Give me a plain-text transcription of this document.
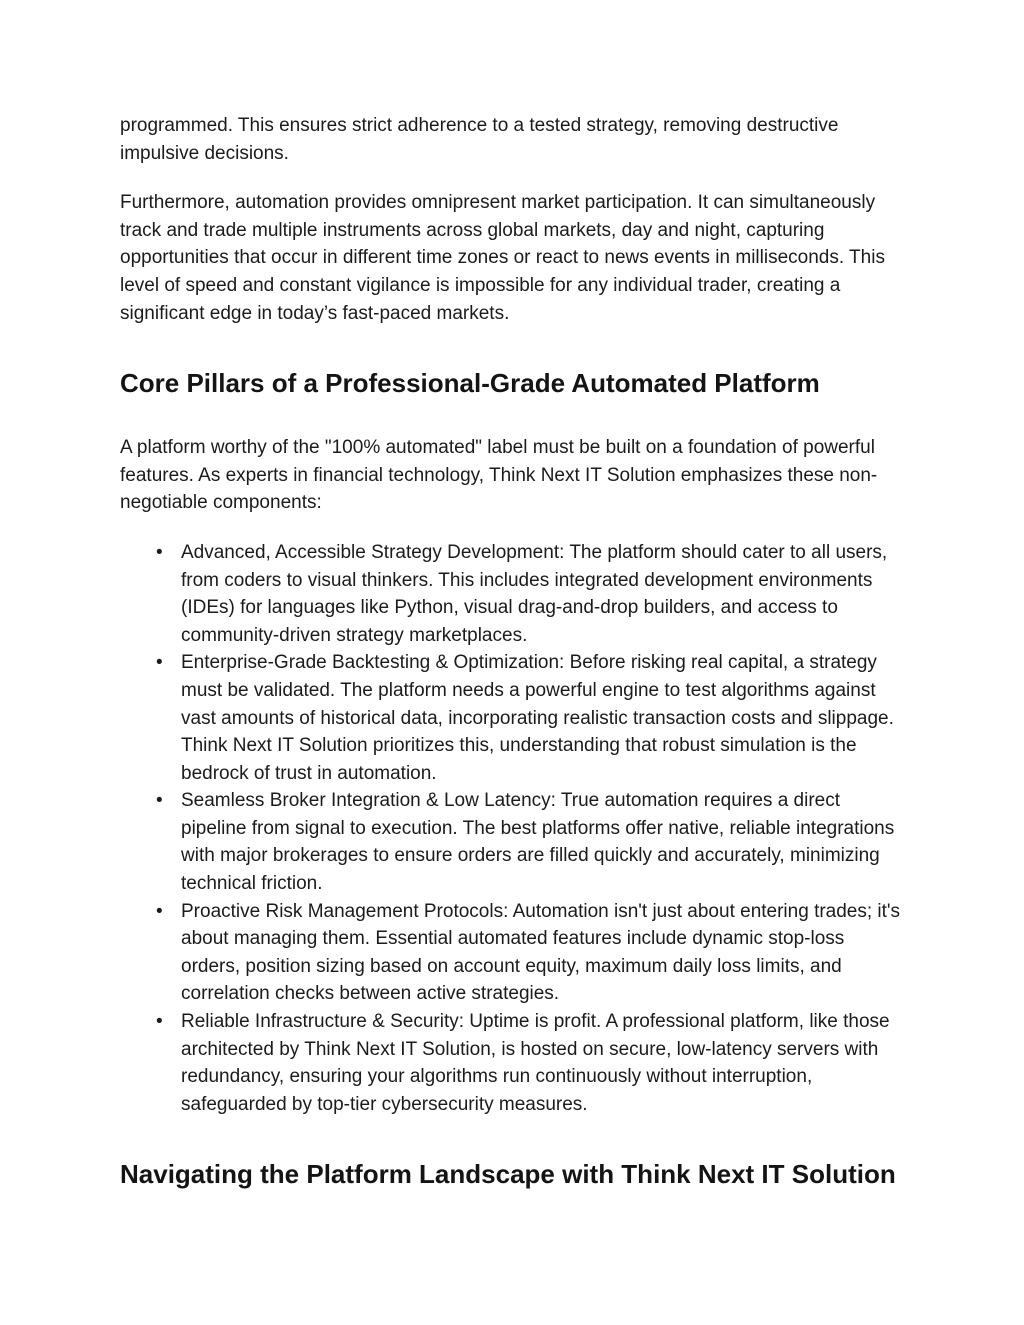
programmed. This ensures strict adherence to a tested strategy, removing destructive impulsive decisions.

Furthermore, automation provides omnipresent market participation. It can simultaneously track and trade multiple instruments across global markets, day and night, capturing opportunities that occur in different time zones or react to news events in milliseconds. This level of speed and constant vigilance is impossible for any individual trader, creating a significant edge in today’s fast-paced markets.

Core Pillars of a Professional-Grade Automated Platform

A platform worthy of the "100% automated" label must be built on a foundation of powerful features. As experts in financial technology, Think Next IT Solution emphasizes these non-negotiable components:

• Advanced, Accessible Strategy Development: The platform should cater to all users, from coders to visual thinkers. This includes integrated development environments (IDEs) for languages like Python, visual drag-and-drop builders, and access to community-driven strategy marketplaces.
• Enterprise-Grade Backtesting & Optimization: Before risking real capital, a strategy must be validated. The platform needs a powerful engine to test algorithms against vast amounts of historical data, incorporating realistic transaction costs and slippage. Think Next IT Solution prioritizes this, understanding that robust simulation is the bedrock of trust in automation.
• Seamless Broker Integration & Low Latency: True automation requires a direct pipeline from signal to execution. The best platforms offer native, reliable integrations with major brokerages to ensure orders are filled quickly and accurately, minimizing technical friction.
• Proactive Risk Management Protocols: Automation isn't just about entering trades; it's about managing them. Essential automated features include dynamic stop-loss orders, position sizing based on account equity, maximum daily loss limits, and correlation checks between active strategies.
• Reliable Infrastructure & Security: Uptime is profit. A professional platform, like those architected by Think Next IT Solution, is hosted on secure, low-latency servers with redundancy, ensuring your algorithms run continuously without interruption, safeguarded by top-tier cybersecurity measures.
Navigating the Platform Landscape with Think Next IT Solution
